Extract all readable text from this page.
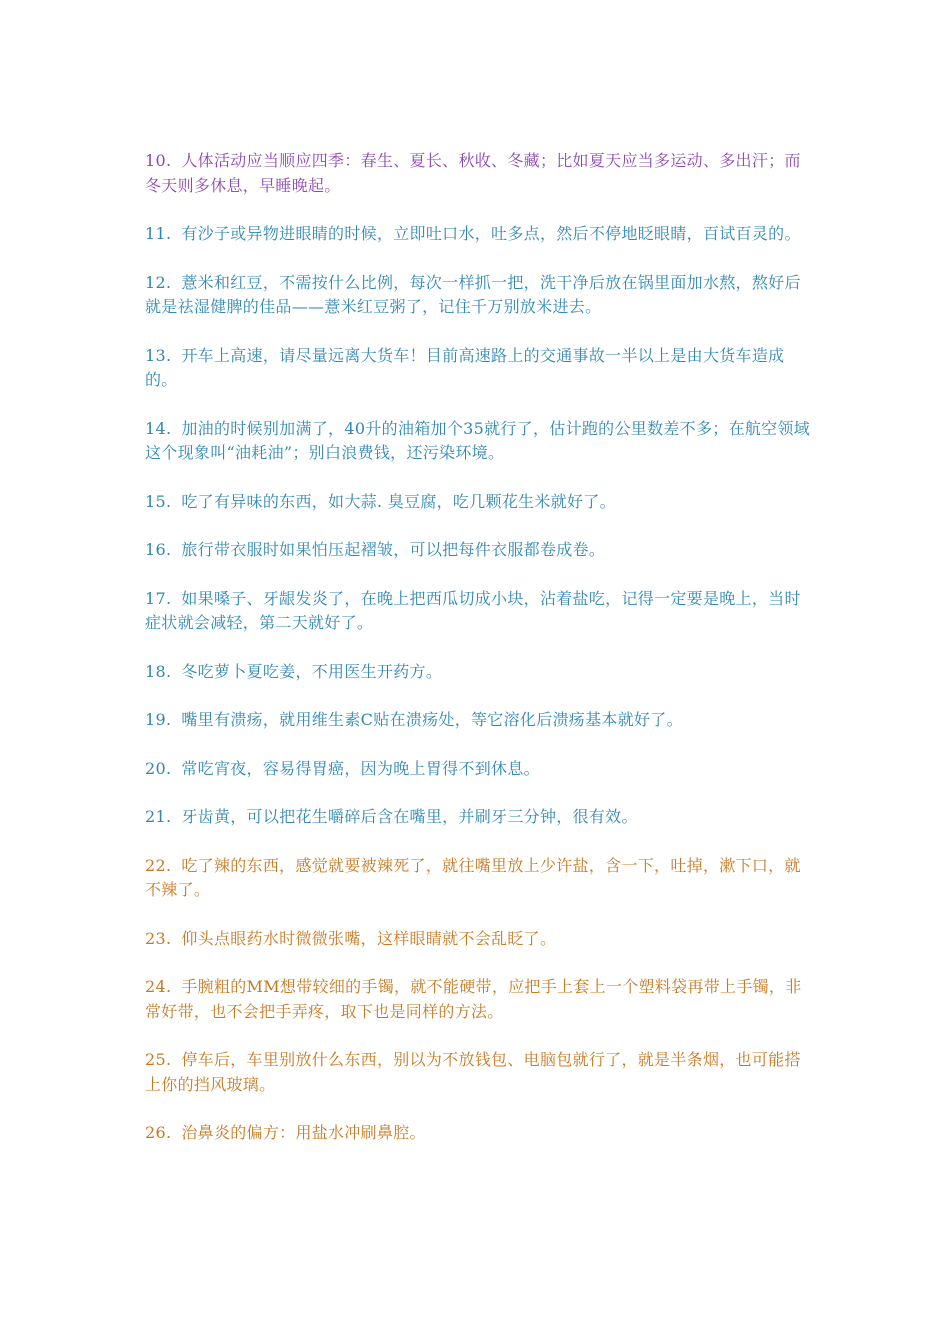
10. 人体活动应当顺应四季：春生、夏长、秋收、冬藏；比如夏天应当多运动、多出汗；而冬天则多休息，早睡晚起。

11. 有沙子或异物进眼睛的时候，立即吐口水，吐多点，然后不停地眨眼睛，百试百灵的。

12. 薏米和红豆，不需按什么比例，每次一样抓一把，洗干净后放在锅里面加水熬，熬好后就是祛湿健脾的佳品——薏米红豆粥了，记住千万别放米进去。

13. 开车上高速，请尽量远离大货车！目前高速路上的交通事故一半以上是由大货车造成的。

14. 加油的时候别加满了，40升的油箱加个35就行了，估计跑的公里数差不多；在航空领域这个现象叫“油耗油”；别白浪费钱，还污染环境。

15. 吃了有异味的东西，如大蒜. 臭豆腐，吃几颗花生米就好了。

16. 旅行带衣服时如果怕压起褶皱，可以把每件衣服都卷成卷。

17. 如果嗓子、牙龈发炎了，在晚上把西瓜切成小块，沾着盐吃，记得一定要是晚上，当时症状就会减轻，第二天就好了。

18. 冬吃萝卜夏吃姜，不用医生开药方。

19. 嘴里有溃疡，就用维生素C贴在溃疡处，等它溶化后溃疡基本就好了。

20. 常吃宵夜，容易得胃癌，因为晚上胃得不到休息。

21. 牙齿黄，可以把花生嚼碎后含在嘴里，并刷牙三分钟，很有效。

22. 吃了辣的东西，感觉就要被辣死了，就往嘴里放上少许盐，含一下，吐掉，漱下口，就不辣了。

23. 仰头点眼药水时微微张嘴，这样眼睛就不会乱眨了。

24. 手腕粗的MM想带较细的手镯，就不能硬带，应把手上套上一个塑料袋再带上手镯，非常好带，也不会把手弄疼，取下也是同样的方法。

25. 停车后，车里别放什么东西，别以为不放钱包、电脑包就行了，就是半条烟，也可能搭上你的挡风玻璃。

26. 治鼻炎的偏方：用盐水冲刷鼻腔。
